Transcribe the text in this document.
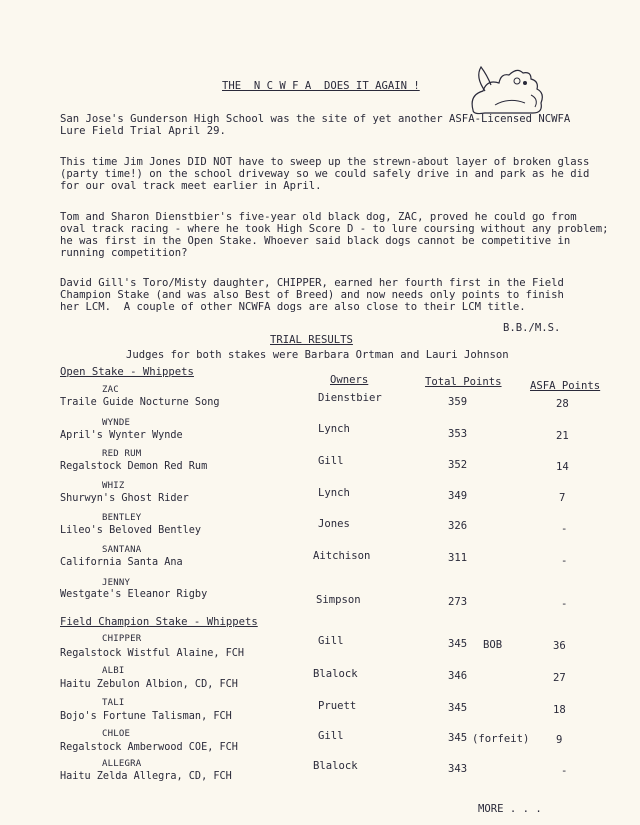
THE  N C W F A  DOES IT AGAIN !
San Jose's Gunderson High School was the site of yet another ASFA-Licensed NCWFA
Lure Field Trial April 29.
This time Jim Jones DID NOT have to sweep up the strewn-about layer of broken glass
(party time!) on the school driveway so we could safely drive in and park as he did
for our oval track meet earlier in April.
Tom and Sharon Dienstbier's five-year old black dog, ZAC, proved he could go from
oval track racing - where he took High Score D - to lure coursing without any problem;
he was first in the Open Stake. Whoever said black dogs cannot be competitive in
running competition?
David Gill's Toro/Misty daughter, CHIPPER, earned her fourth first in the Field
Champion Stake (and was also Best of Breed) and now needs only points to finish
her LCM.  A couple of other NCWFA dogs are also close to their LCM title.
B.B./M.S.
TRIAL RESULTS
Judges for both stakes were Barbara Ortman and Lauri Johnson
Open Stake - Whippets
Owners	Total Points	ASFA Points
ZAC
Traile Guide Nocturne Song	Dienstbier	359	28
WYNDE
April's Wynter Wynde
Lynch	353	21
RED RUM
Regalstock Demon Red Rum	Gill	352	14
WHIZ
Shurwyn's Ghost Rider	Lynch	349	7
BENTLEY
Lileo's Beloved Bentley
Jones	326	-
SANTANA
California Santa Ana
Aitchison	311	-
JENNY
Westgate's Eleanor Rigby	Simpson	273	-
Field Champion Stake - Whippets
CHIPPER
Regalstock Wistful Alaine, FCH
Gill	345 BOB	36
ALBI
Haitu Zebulon Albion, CD, FCH
Blalock	346	27
TALI
Bojo's Fortune Talisman, FCH
Pruett	345	18
CHLOE
Regalstock Amberwood COE, FCH
Gill	345 (forfeit)	9
ALLEGRA
Haitu Zelda Allegra, CD, FCH
Blalock	343	-
MORE . . .
